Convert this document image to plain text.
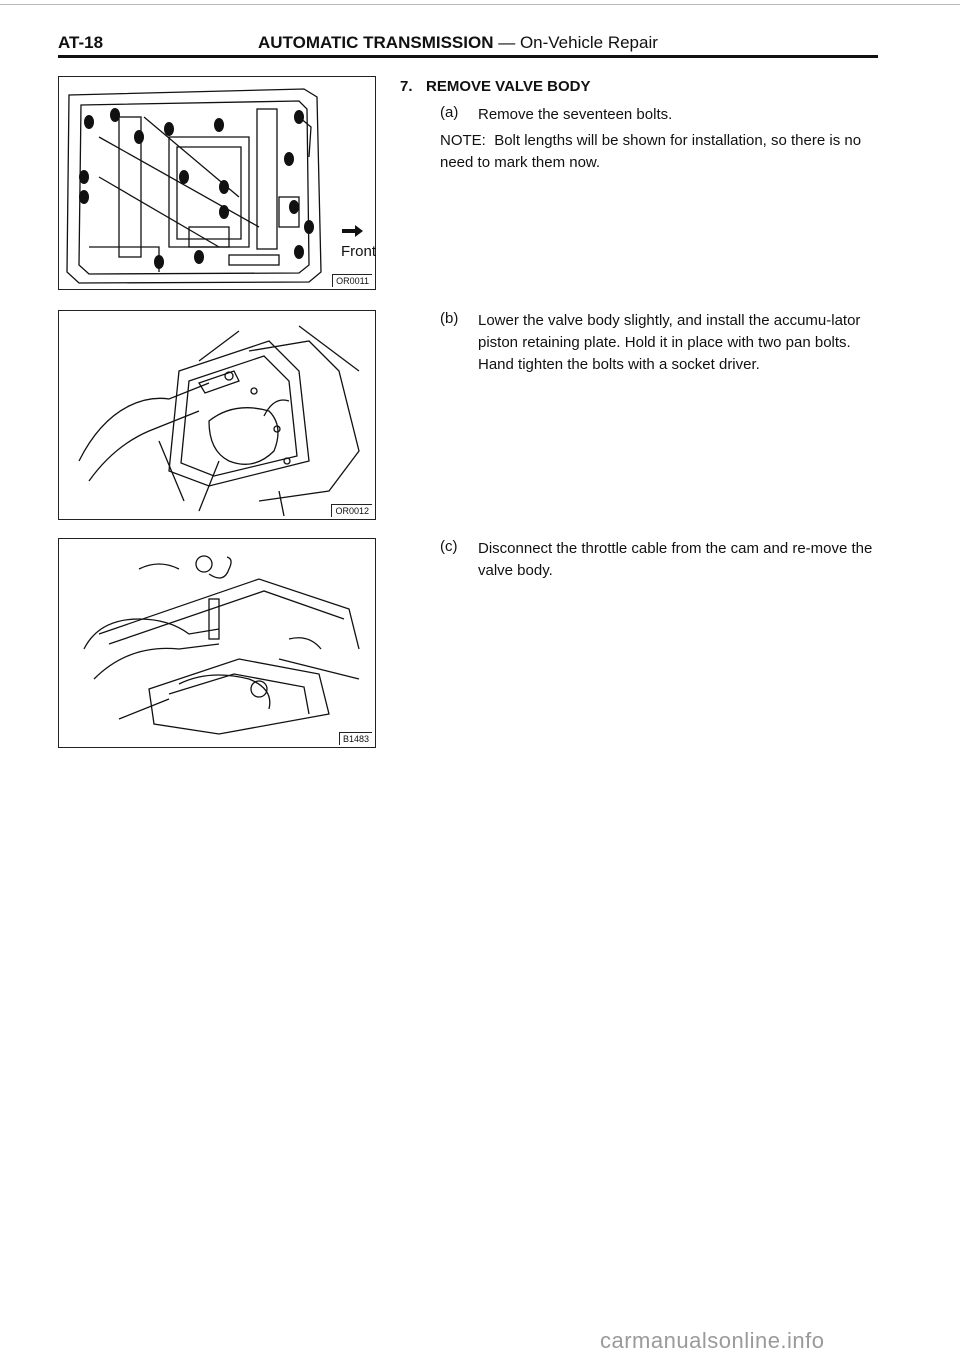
AT-18	AUTOMATIC TRANSMISSION — On-Vehicle Repair
Front
OR0011
OR0012
B1483
7. REMOVE VALVE BODY
(a) Remove the seventeen bolts.
NOTE: Bolt lengths will be shown for installation, so there is no need to mark them now.
(b) Lower the valve body slightly, and install the accumu-lator piston retaining plate. Hold it in place with two pan bolts. Hand tighten the bolts with a socket driver.
(c) Disconnect the throttle cable from the cam and re-move the valve body.
carmanualsonline.info
